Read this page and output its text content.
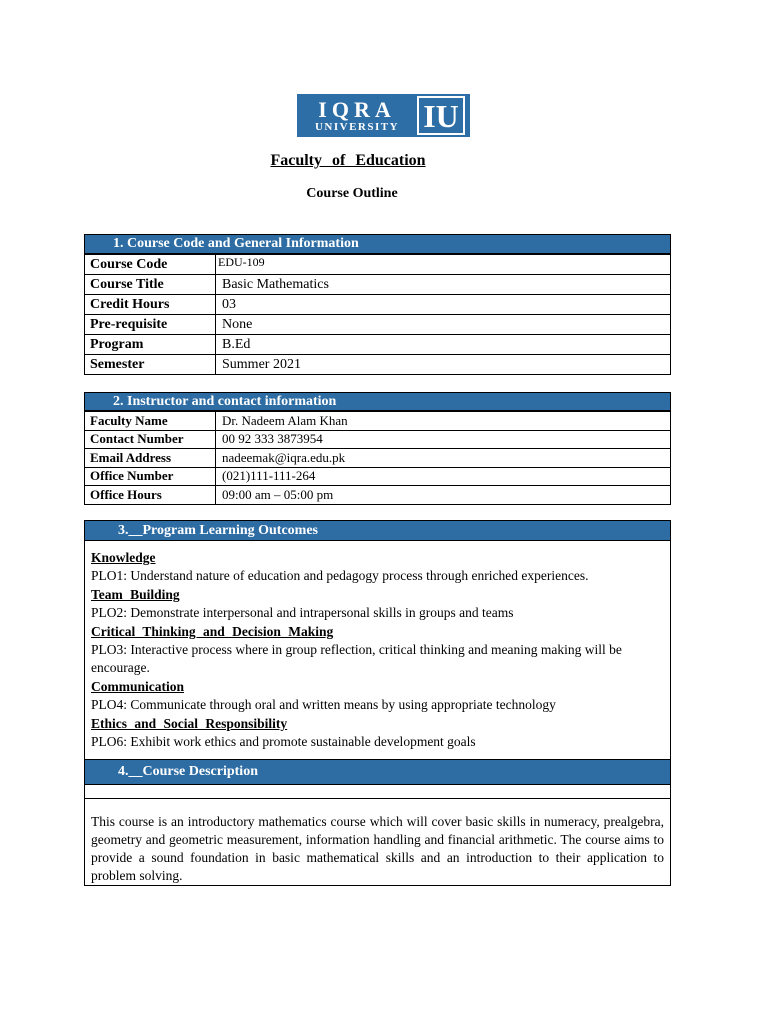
IQRA
UNIVERSITY IU
Faculty of Education
Course Outline
1. Course Code and General Information
Course Code	EDU-109
Course Title	Basic Mathematics
Credit Hours	03
Pre-requisite	None
Program	B.Ed
Semester	Summer 2021
2. Instructor and contact information
Faculty Name	Dr. Nadeem Alam Khan
Contact Number	00 92 333 3873954
Email Address	nadeemak@iqra.edu.pk
Office Number	(021)111-111-264
Office Hours	09:00 am – 05:00 pm
3.__Program Learning Outcomes
Knowledge
PLO1: Understand nature of education and pedagogy process through enriched experiences.
Team Building
PLO2: Demonstrate interpersonal and intrapersonal skills in groups and teams
Critical Thinking and Decision Making
PLO3: Interactive process where in group reflection, critical thinking and meaning making will be encourage.
Communication
PLO4: Communicate through oral and written means by using appropriate technology
Ethics and Social Responsibility
PLO6: Exhibit work ethics and promote sustainable development goals
4.__Course Description
This course is an introductory mathematics course which will cover basic skills in numeracy, prealgebra, geometry and geometric measurement, information handling and financial arithmetic. The course aims to provide a sound foundation in basic mathematical skills and an introduction to their application to problem solving.
